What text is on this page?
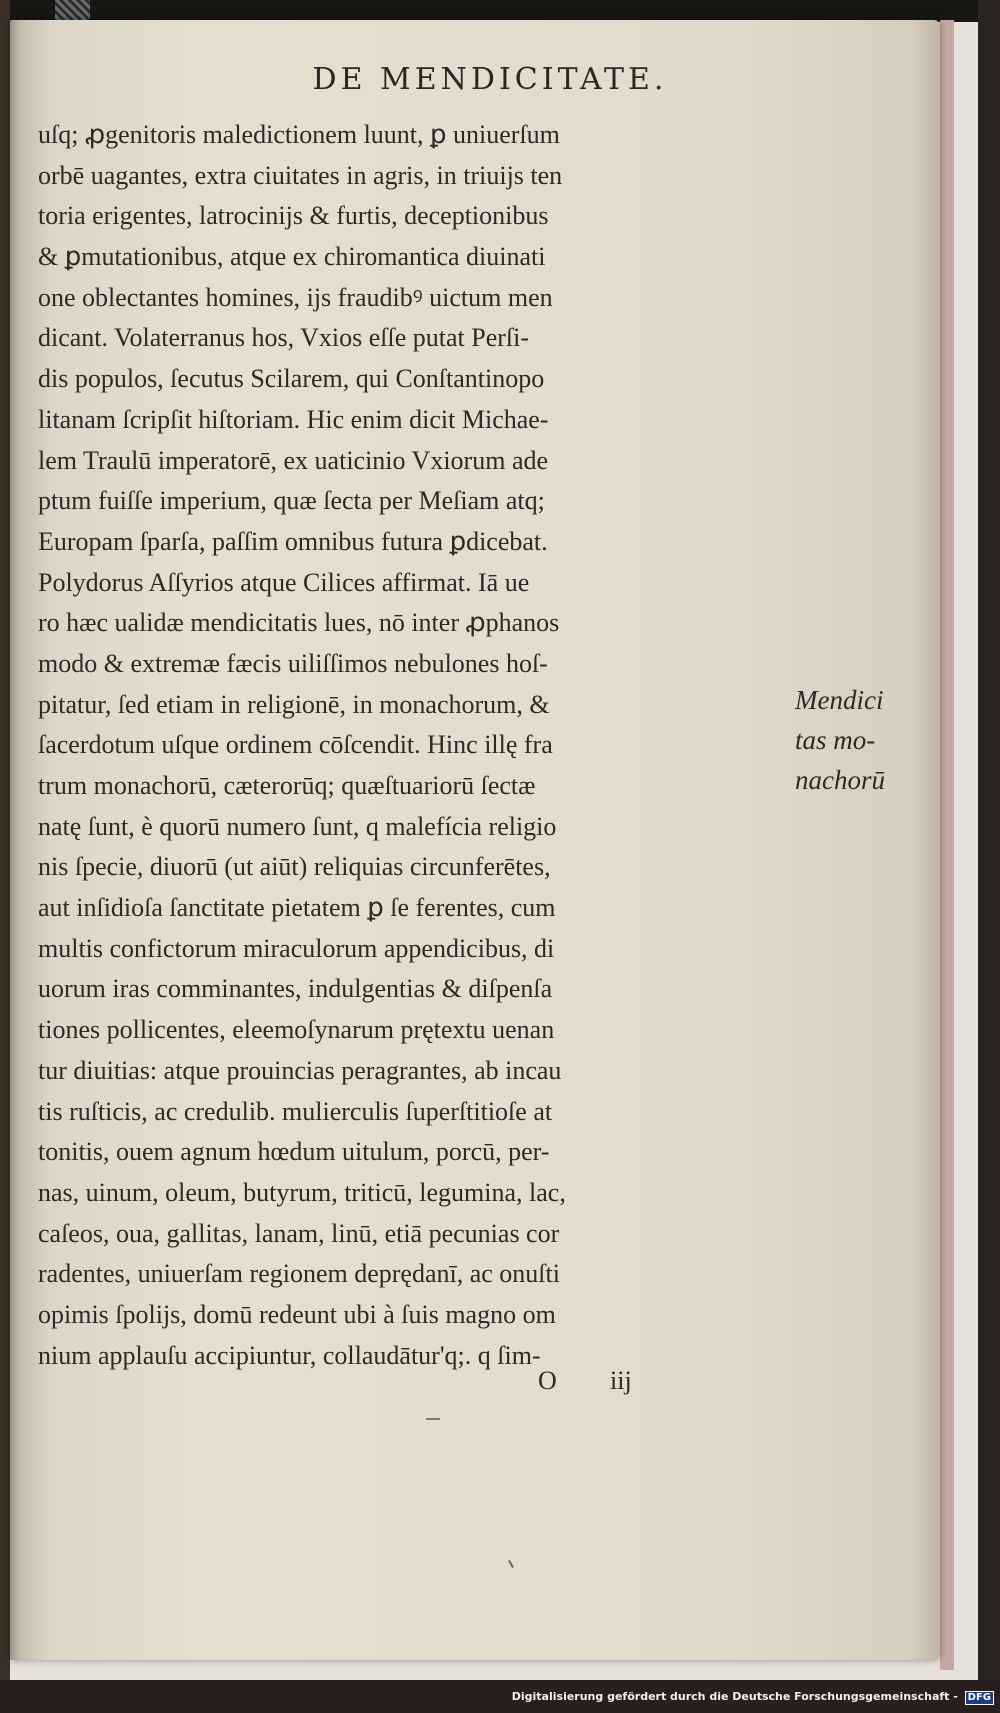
DE MENDICITATE.
uſq; ꝓgenitoris maledictionem luunt, ꝑ uniuerſum
orbē uagantes, extra ciuitates in agris, in triuijs ten
toria erigentes, latrocinijs & furtis, deceptionibus
& ꝑmutationibus, atque ex chiromantica diuinati
one oblectantes homines, ijs fraudibꝰ uictum men
dicant. Volaterranus hos, Vxios eſſe putat Perſi-
dis populos, ſecutus Scilarem, qui Conſtantinopo
litanam ſcripſit hiſtoriam. Hic enim dicit Michae-
lem Traulū imperatorē, ex uaticinio Vxiorum ade
ptum fuiſſe imperium, quæ ſecta per Meſiam atq;
Europam ſparſa, paſſim omnibus futura ꝑdicebat.
Polydorus Aſſyrios atque Cilices affirmat. Iā ue
ro hæc ualidæ mendicitatis lues, nō inter ꝓphanos
modo & extremæ fæcis uiliſſimos nebulones hoſ-
pitatur, ſed etiam in religionē, in monachorum, &
ſacerdotum uſque ordinem cōſcendit. Hinc illę fra
trum monachorū, cæterorūq; quæſtuariorū ſectæ
natę ſunt, è quorū numero ſunt, q malefícia religio
nis ſpecie, diuorū (ut aiūt) reliquias circunferētes,
aut inſidioſa ſanctitate pietatem ꝑ ſe ferentes, cum
multis confictorum miraculorum appendicibus, di
uorum iras comminantes, indulgentias & diſpenſa
tiones pollicentes, eleemoſynarum prętextu uenan
tur diuitias: atque prouincias peragrantes, ab incau
tis ruſticis, ac credulib. mulierculis ſuperſtitioſe at
tonitis, ouem agnum hœdum uitulum, porcū, per-
nas, uinum, oleum, butyrum, triticū, legumina, lac,
caſeos, oua, gallitas, lanam, linū, etiā pecunias cor
radentes, uniuerſam regionem deprędanī, ac onuſti
opimis ſpolijs, domū redeunt ubi à ſuis magno om
nium applauſu accipiuntur, collaudātur'q;. q ſim-
Mendici
tas mo-
nachorū
O iij
Digitalisierung gefördert durch die Deutsche Forschungsgemeinschaft - DFG
